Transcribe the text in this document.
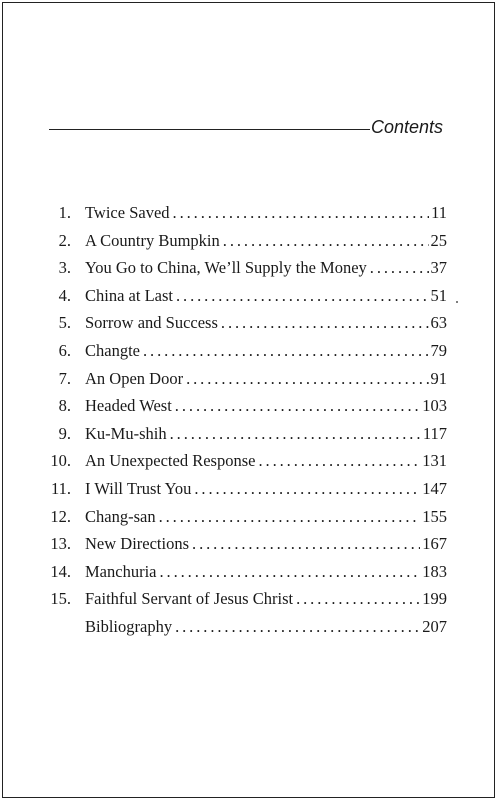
Contents
1. Twice Saved . . .	11
2. A Country Bumpkin . . .	25
3. You Go to China, We’ll Supply the Money . . .	37
4. China at Last . . .	51
5. Sorrow and Success . . .	63
6. Changte . . .	79
7. An Open Door . . .	91
8. Headed West . . .	103
9. Ku-Mu-shih . . .	117
10. An Unexpected Response . . .	131
11. I Will Trust You . . .	147
12. Chang-san . . .	155
13. New Directions . . .	167
14. Manchuria . . .	183
15. Faithful Servant of Jesus Christ . . .	199
Bibliography . . .	207
